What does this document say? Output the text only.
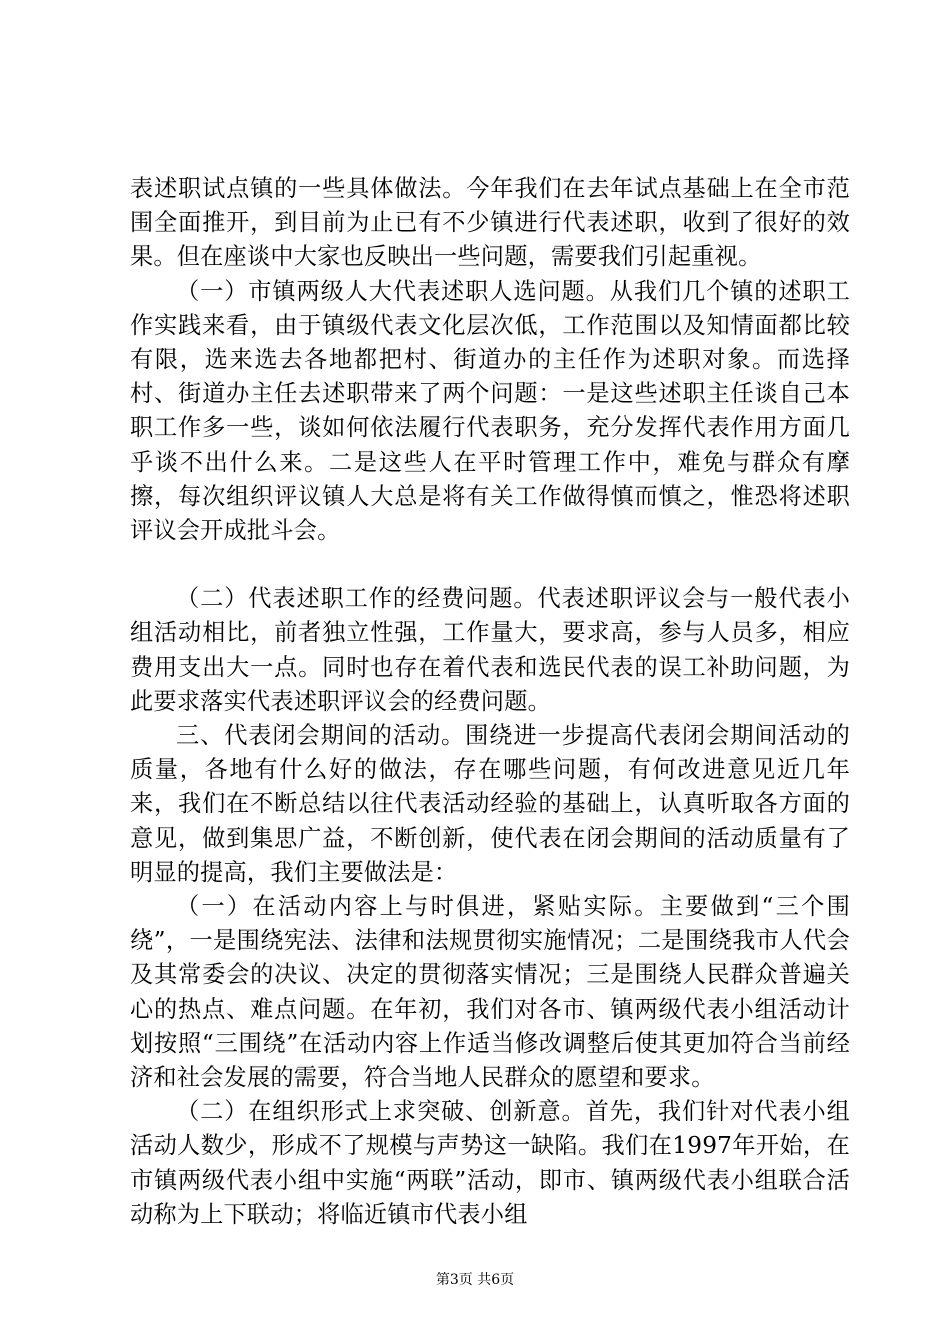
表述职试点镇的一些具体做法。今年我们在去年试点基础上在全市范围全面推开，到目前为止已有不少镇进行代表述职，收到了很好的效果。但在座谈中大家也反映出一些问题，需要我们引起重视。

（一）市镇两级人大代表述职人选问题。从我们几个镇的述职工作实践来看，由于镇级代表文化层次低，工作范围以及知情面都比较有限，选来选去各地都把村、街道办的主任作为述职对象。而选择村、街道办主任去述职带来了两个问题：一是这些述职主任谈自己本职工作多一些，谈如何依法履行代表职务，充分发挥代表作用方面几乎谈不出什么来。二是这些人在平时管理工作中，难免与群众有摩擦，每次组织评议镇人大总是将有关工作做得慎而慎之，惟恐将述职评议会开成批斗会。

（二）代表述职工作的经费问题。代表述职评议会与一般代表小组活动相比，前者独立性强，工作量大，要求高，参与人员多，相应费用支出大一点。同时也存在着代表和选民代表的误工补助问题，为此要求落实代表述职评议会的经费问题。

三、代表闭会期间的活动。围绕进一步提高代表闭会期间活动的质量，各地有什么好的做法，存在哪些问题，有何改进意见近几年来，我们在不断总结以往代表活动经验的基础上，认真听取各方面的意见，做到集思广益，不断创新，使代表在闭会期间的活动质量有了明显的提高，我们主要做法是：

（一）在活动内容上与时俱进，紧贴实际。主要做到“三个围绕”，一是围绕宪法、法律和法规贯彻实施情况；二是围绕我市人代会及其常委会的决议、决定的贯彻落实情况；三是围绕人民群众普遍关心的热点、难点问题。在年初，我们对各市、镇两级代表小组活动计划按照“三围绕”在活动内容上作适当修改调整后使其更加符合当前经济和社会发展的需要，符合当地人民群众的愿望和要求。

（二）在组织形式上求突破、创新意。首先，我们针对代表小组活动人数少，形成不了规模与声势这一缺陷。我们在1997年开始，在市镇两级代表小组中实施“两联”活动，即市、镇两级代表小组联合活动称为上下联动；将临近镇市代表小组

第3页 共6页
